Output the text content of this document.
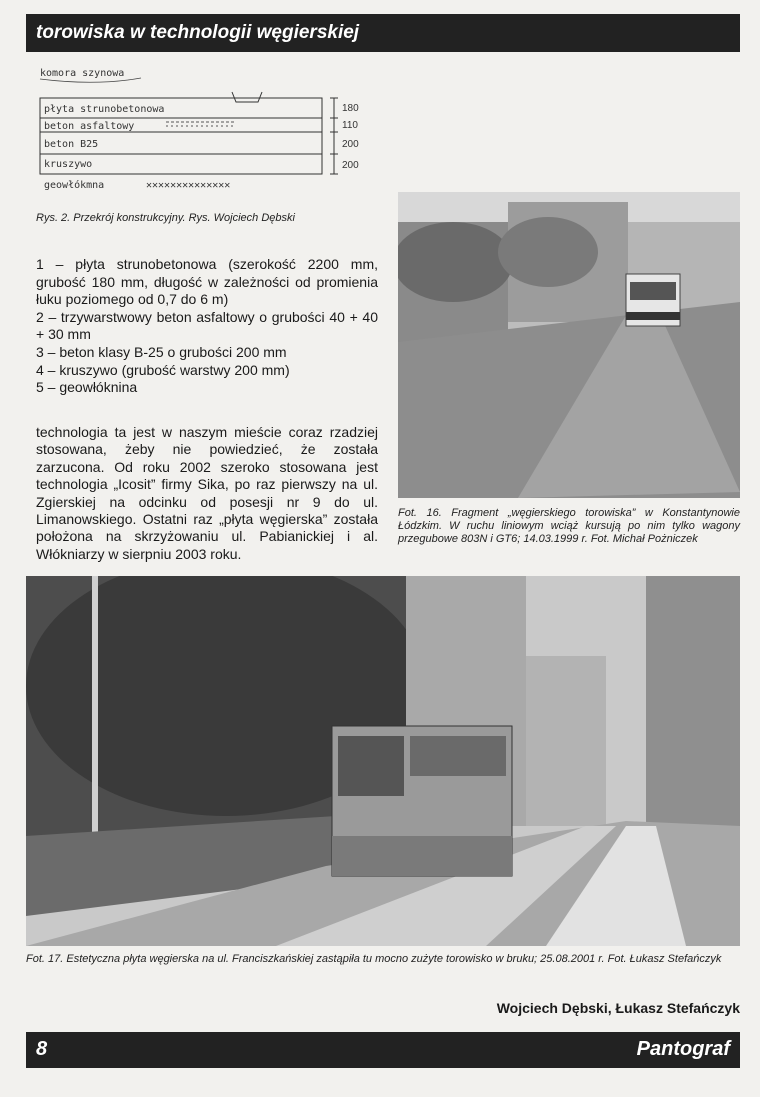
torowiska w technologii węgierskiej
komora szynowa
płyta strunobetonowa
beton asfaltowy
beton B25
kruszywo
geowłókmna	✕✕✕✕✕✕✕✕✕✕✕✕✕✕
180
110
200
200
Rys. 2. Przekrój konstrukcyjny. Rys. Wojciech Dębski

1 – płyta strunobetonowa (szerokość 2200 mm, grubość 180 mm, długość w zależności od promienia łuku poziomego od 0,7 do 6 m)

2 – trzywarstwowy beton asfaltowy o grubości 40 + 40 + 30 mm

3 – beton klasy B-25 o grubości 200 mm

4 – kruszywo (grubość warstwy 200 mm)

5 – geowłóknina

technologia ta jest w naszym mieście coraz rzadziej stosowana, żeby nie powiedzieć, że została zarzucona. Od roku 2002 szeroko stosowana jest technologia „Icosit” firmy Sika, po raz pierwszy na ul. Zgierskiej na odcinku od posesji nr 9 do ul. Limanowskiego. Ostatni raz „płyta węgierska” została położona na skrzyżowaniu ul. Pabianickiej i al. Włókniarzy w sierpniu 2003 roku.
Fot. 16. Fragment „węgierskiego torowiska” w Konstantynowie Łódzkim. W ruchu liniowym wciąż kursują po nim tylko wagony przegubowe 803N i GT6; 14.03.1999 r. Fot. Michał Pożniczek
Fot. 17. Estetyczna płyta węgierska na ul. Franciszkańskiej zastąpiła tu mocno zużyte torowisko w bruku; 25.08.2001 r. Fot. Łukasz Stefańczyk
Wojciech Dębski, Łukasz Stefańczyk
8	Pantograf
